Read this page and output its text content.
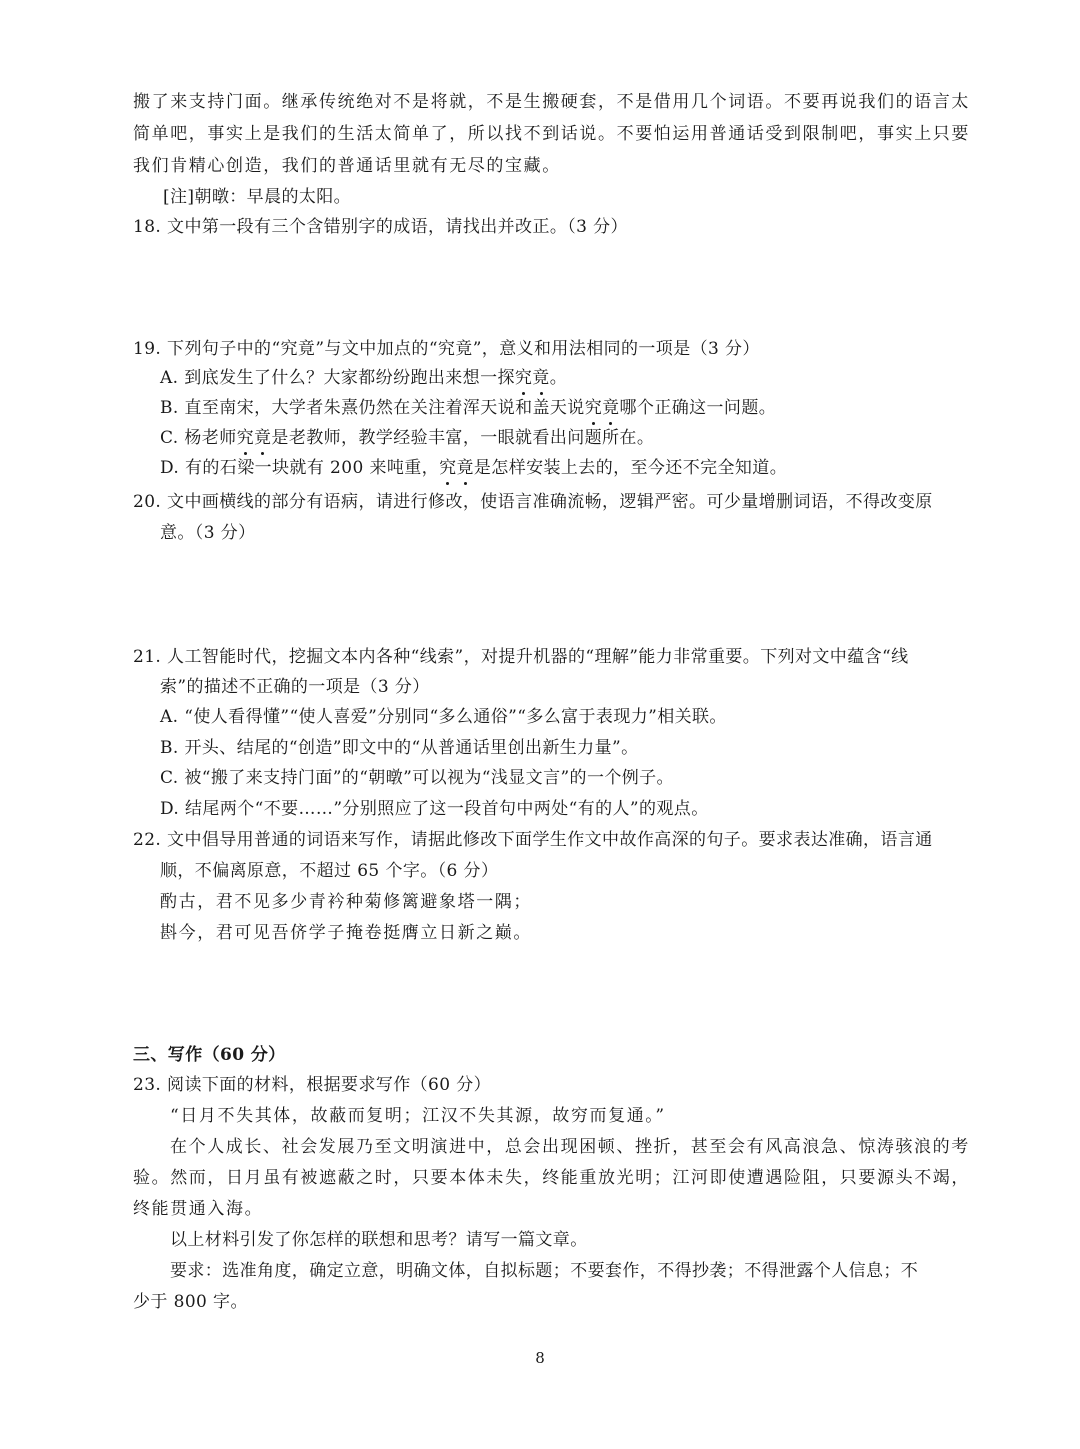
搬了来支持门面。继承传统绝对不是将就，不是生搬硬套，不是借用几个词语。不要再说我们的语言太
简单吧，事实上是我们的生活太简单了，所以找不到话说。不要怕运用普通话受到限制吧，事实上只要
我们肯精心创造，我们的普通话里就有无尽的宝藏。
[注]朝暾：早晨的太阳。
18. 文中第一段有三个含错别字的成语，请找出并改正。（3 分）
19. 下列句子中的“究竟”与文中加点的“究竟”，意义和用法相同的一项是（3 分）
A. 到底发生了什么？大家都纷纷跑出来想一探究竟。
B. 直至南宋，大学者朱熹仍然在关注着浑天说和盖天说究竟哪个正确这一问题。
C. 杨老师究竟是老教师，教学经验丰富，一眼就看出问题所在。
D. 有的石梁一块就有 200 来吨重，究竟是怎样安装上去的，至今还不完全知道。
20. 文中画横线的部分有语病，请进行修改，使语言准确流畅，逻辑严密。可少量增删词语，不得改变原
意。（3 分）
21. 人工智能时代，挖掘文本内各种“线索”，对提升机器的“理解”能力非常重要。下列对文中蕴含“线
索”的描述不正确的一项是（3 分）
A. “使人看得懂”“使人喜爱”分别同“多么通俗”“多么富于表现力”相关联。
B. 开头、结尾的“创造”即文中的“从普通话里创出新生力量”。
C. 被“搬了来支持门面”的“朝暾”可以视为“浅显文言”的一个例子。
D. 结尾两个“不要……”分别照应了这一段首句中两处“有的人”的观点。
22. 文中倡导用普通的词语来写作，请据此修改下面学生作文中故作高深的句子。要求表达准确，语言通
顺，不偏离原意，不超过 65 个字。（6 分）
酌古，君不见多少青衿种菊修篱避象塔一隅；
斟今，君可见吾侪学子掩卷挺膺立日新之巅。
三、写作（60 分）
23. 阅读下面的材料，根据要求写作（60 分）
“日月不失其体，故蔽而复明；江汉不失其源，故穷而复通。”
在个人成长、社会发展乃至文明演进中，总会出现困顿、挫折，甚至会有风高浪急、惊涛骇浪的考
验。然而，日月虽有被遮蔽之时，只要本体未失，终能重放光明；江河即使遭遇险阻，只要源头不竭，
终能贯通入海。
以上材料引发了你怎样的联想和思考？请写一篇文章。
要求：选准角度，确定立意，明确文体，自拟标题；不要套作，不得抄袭；不得泄露个人信息；不
少于 800 字。
8
